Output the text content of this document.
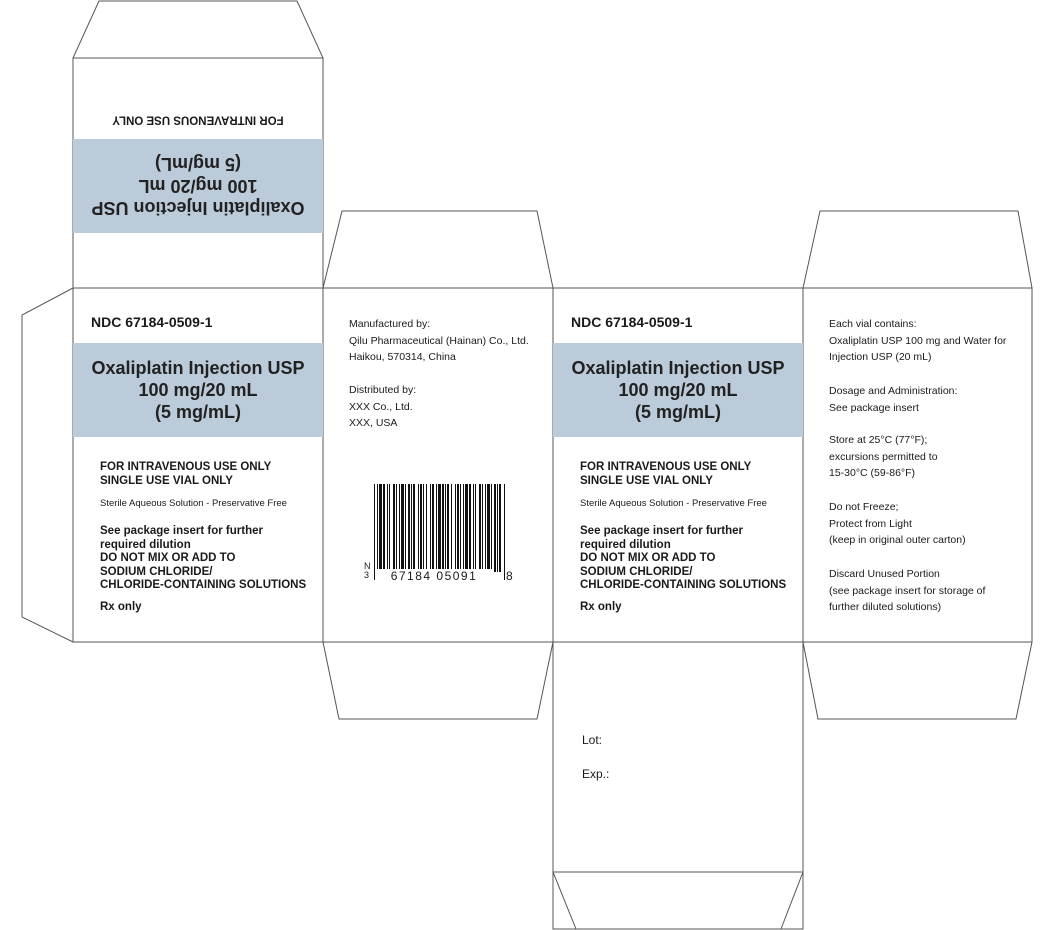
Oxaliplatin Injection USP
100 mg/20 mL
(5 mg/mL)
FOR INTRAVENOUS USE ONLY
NDC 67184-0509-1
Oxaliplatin Injection USP
100 mg/20 mL
(5 mg/mL)
FOR INTRAVENOUS USE ONLY
SINGLE USE VIAL ONLY
Sterile Aqueous Solution - Preservative Free
See package insert for further
required dilution
DO NOT MIX OR ADD TO
SODIUM CHLORIDE/
CHLORIDE-CONTAINING SOLUTIONS
Rx only
Manufactured by:
Qilu Pharmaceutical (Hainan) Co., Ltd.
Haikou, 570314, China
Distributed by:
XXX Co., Ltd.
XXX, USA
N
3	67184 05091	8
NDC 67184-0509-1
Oxaliplatin Injection USP
100 mg/20 mL
(5 mg/mL)
FOR INTRAVENOUS USE ONLY
SINGLE USE VIAL ONLY
Sterile Aqueous Solution - Preservative Free
See package insert for further
required dilution
DO NOT MIX OR ADD TO
SODIUM CHLORIDE/
CHLORIDE-CONTAINING SOLUTIONS
Rx only
Each vial contains:
Oxaliplatin USP 100 mg and Water for
Injection USP (20 mL)
Dosage and Administration:
See package insert
Store at 25°C (77°F);
excursions permitted to
15-30°C (59-86°F)
Do not Freeze;
Protect from Light
(keep in original outer carton)
Discard Unused Portion
(see package insert for storage of
further diluted solutions)
Lot:
Exp.:
